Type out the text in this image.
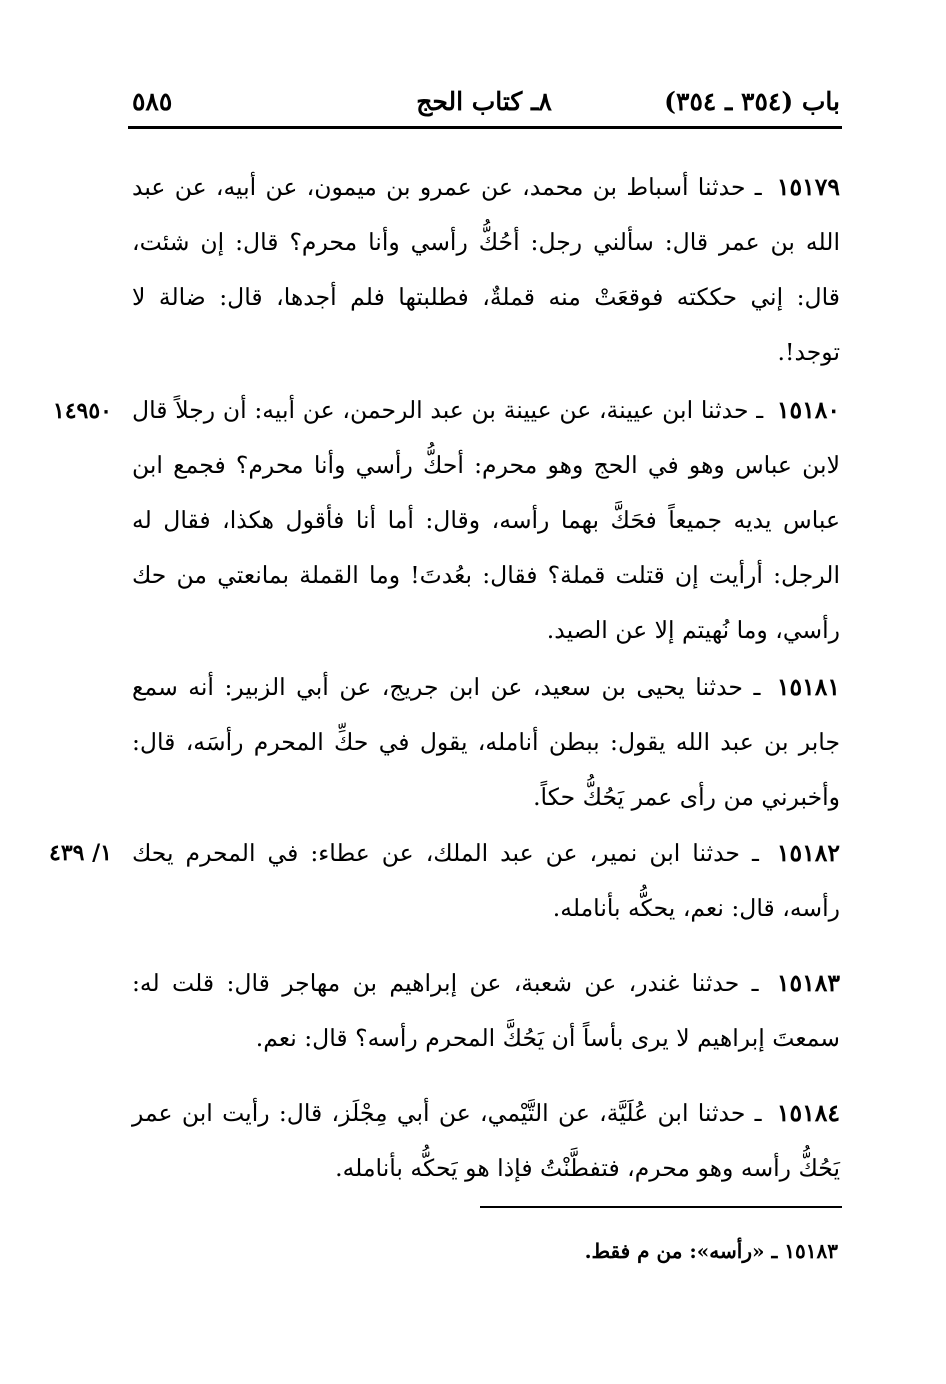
باب (٣٥٤ ـ ٣٥٤)
٨ـ كتاب الحج
٥٨٥

١٥١٧٩ ـ حدثنا أسباط بن محمد، عن عمرو بن ميمون، عن أبيه، عن عبد الله بن عمر قال: سألني رجل: أحُكُّ رأسي وأنا محرم؟ قال: إن شئت، قال: إني حككته فوقعَتْ منه قملةٌ، فطلبتها فلم أجدها، قال: ضالة لا توجد!.

١٤٩٥٠	١٥١٨٠ ـ حدثنا ابن عيينة، عن عيينة بن عبد الرحمن، عن أبيه: أن رجلاً قال لابن عباس وهو في الحج وهو محرم: أحكُّ رأسي وأنا محرم؟ فجمع ابن عباس يديه جميعاً فحَكَّ بهما رأسه، وقال: أما أنا فأقول هكذا، فقال له الرجل: أرأيت إن قتلت قملة؟ فقال: بعُدتَ! وما القملة بمانعتي من حك رأسي، وما نُهيتم إلا عن الصيد.

١٥١٨١ ـ حدثنا يحيى بن سعيد، عن ابن جريج، عن أبي الزبير: أنه سمع جابر بن عبد الله يقول: ببطن أنامله، يقول في حكِّ المحرم رأسَه، قال: وأخبرني من رأى عمر يَحُكُّ حكاً.

١/ ٤٣٩	١٥١٨٢ ـ حدثنا ابن نمير، عن عبد الملك، عن عطاء: في المحرم يحك رأسه، قال: نعم، يحكُّه بأنامله.

١٥١٨٣ ـ حدثنا غندر، عن شعبة، عن إبراهيم بن مهاجر قال: قلت له: سمعتَ إبراهيم لا يرى بأساً أن يَحُكَّ المحرم رأسه؟ قال: نعم.

١٥١٨٤ ـ حدثنا ابن عُلَيَّة، عن التَّيْمي، عن أبي مِجْلَز، قال: رأيت ابن عمر يَحُكُّ رأسه وهو محرم، فتفطَّنْتُ فإذا هو يَحكُّه بأنامله.

١٥١٨٣ ـ «رأسه»: من م فقط.
